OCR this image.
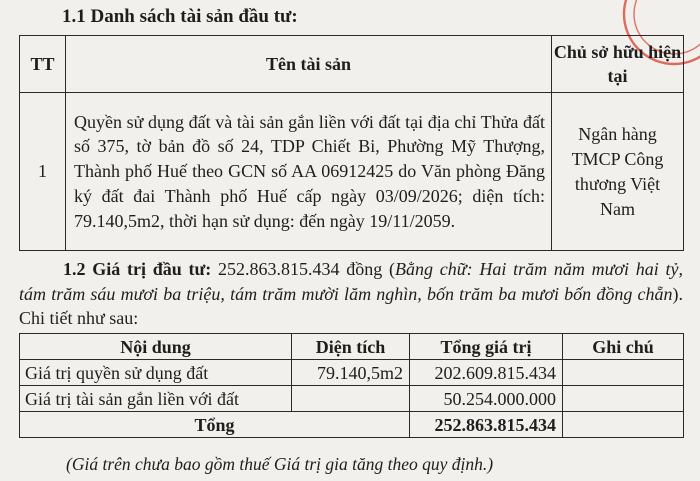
1.1 Danh sách tài sản đầu tư:
TT	Tên tài sản	Chủ sở hữu hiện tại
1	Quyền sử dụng đất và tài sản gắn liền với đất tại địa chỉ Thửa đất số 375, tờ bản đồ số 24, TDP Chiết Bi, Phường Mỹ Thượng, Thành phố Huế theo GCN số AA 06912425 do Văn phòng Đăng ký đất đai Thành phố Huế cấp ngày 03/09/2026; diện tích: 79.140,5m2, thời hạn sử dụng: đến ngày 19/11/2059.	Ngân hàng TMCP Công thương Việt Nam
1.2 Giá trị đầu tư: 252.863.815.434 đồng (Bằng chữ: Hai trăm năm mươi hai tỷ, tám trăm sáu mươi ba triệu, tám trăm mười lăm nghìn, bốn trăm ba mươi bốn đồng chẵn). Chi tiết như sau:
Nội dung	Diện tích	Tổng giá trị	Ghi chú
Giá trị quyền sử dụng đất	79.140,5m2	202.609.815.434	
Giá trị tài sản gắn liền với đất		50.254.000.000	
Tổng		252.863.815.434	
(Giá trên chưa bao gồm thuế Giá trị gia tăng theo quy định.)
